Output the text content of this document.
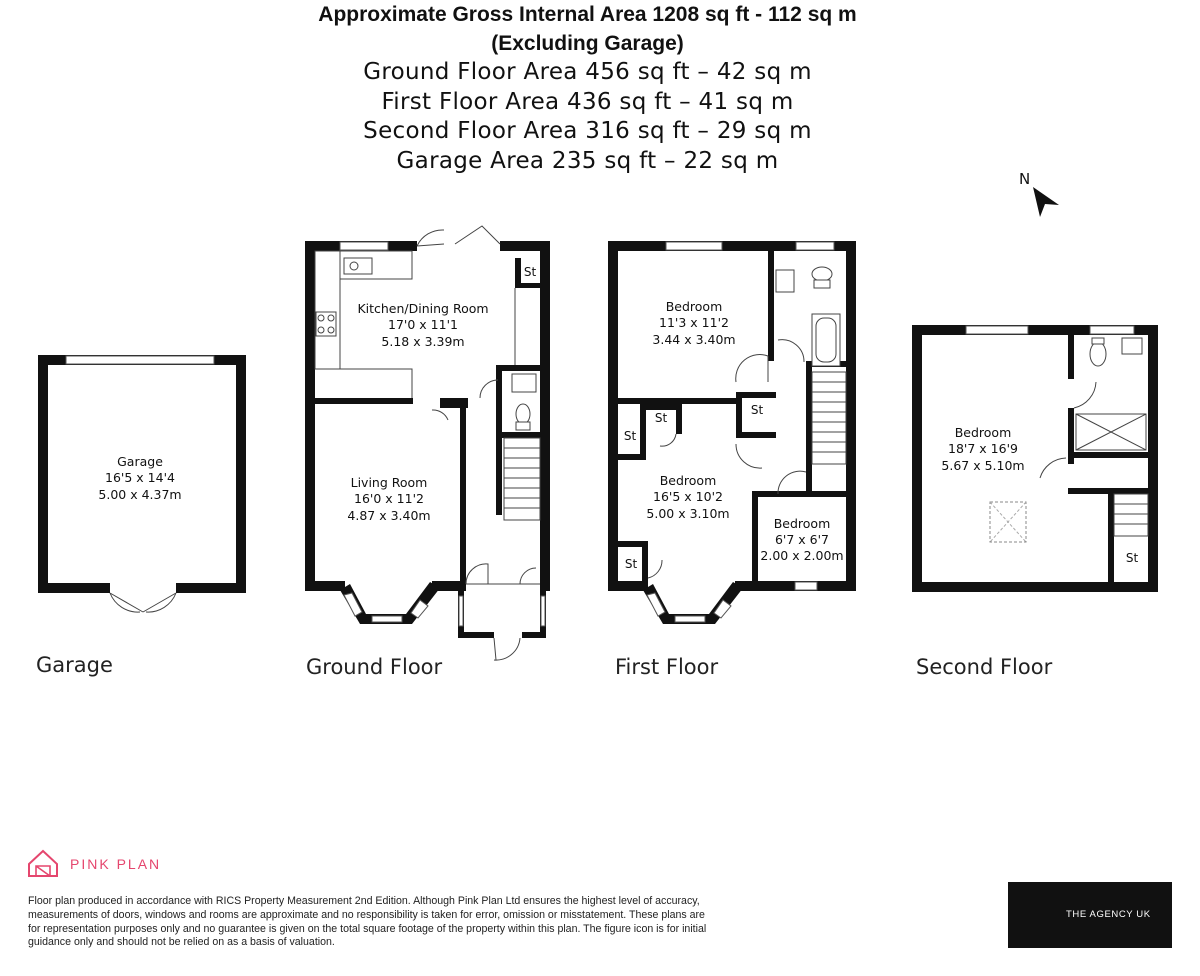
Approximate Gross Internal Area 1208 sq ft - 112 sq m
(Excluding Garage)
Ground Floor Area 456 sq ft – 42 sq m
First Floor Area 436 sq ft – 41 sq m
Second Floor Area 316 sq ft – 29 sq m
Garage Area 235 sq ft – 22 sq m
N
Garage
16'5 x 14'4
5.00 x 4.37m
St
Kitchen/Dining Room
17'0 x 11'1
5.18 x 3.39m
Living Room
16'0 x 11'2
4.87 x 3.40m
St
St
St
St
Bedroom
11'3 x 11'2
3.44 x 3.40m
Bedroom
16'5 x 10'2
5.00 x 3.10m
Bedroom
6'7 x 6'7
2.00 x 2.00m	St
Bedroom
18'7 x 16'9
5.67 x 5.10m
Garage	Ground Floor	First Floor	Second Floor
PINK PLAN
Floor plan produced in accordance with RICS Property Measurement 2nd Edition. Although Pink Plan Ltd ensures the highest level of accuracy, measurements of doors, windows and rooms are approximate and no responsibility is taken for error, omission or misstatement. These plans are for representation purposes only and no guarantee is given on the total square footage of the property within this plan. The figure icon is for initial guidance only and should not be relied on as a basis of valuation.
THE AGENCY UK
